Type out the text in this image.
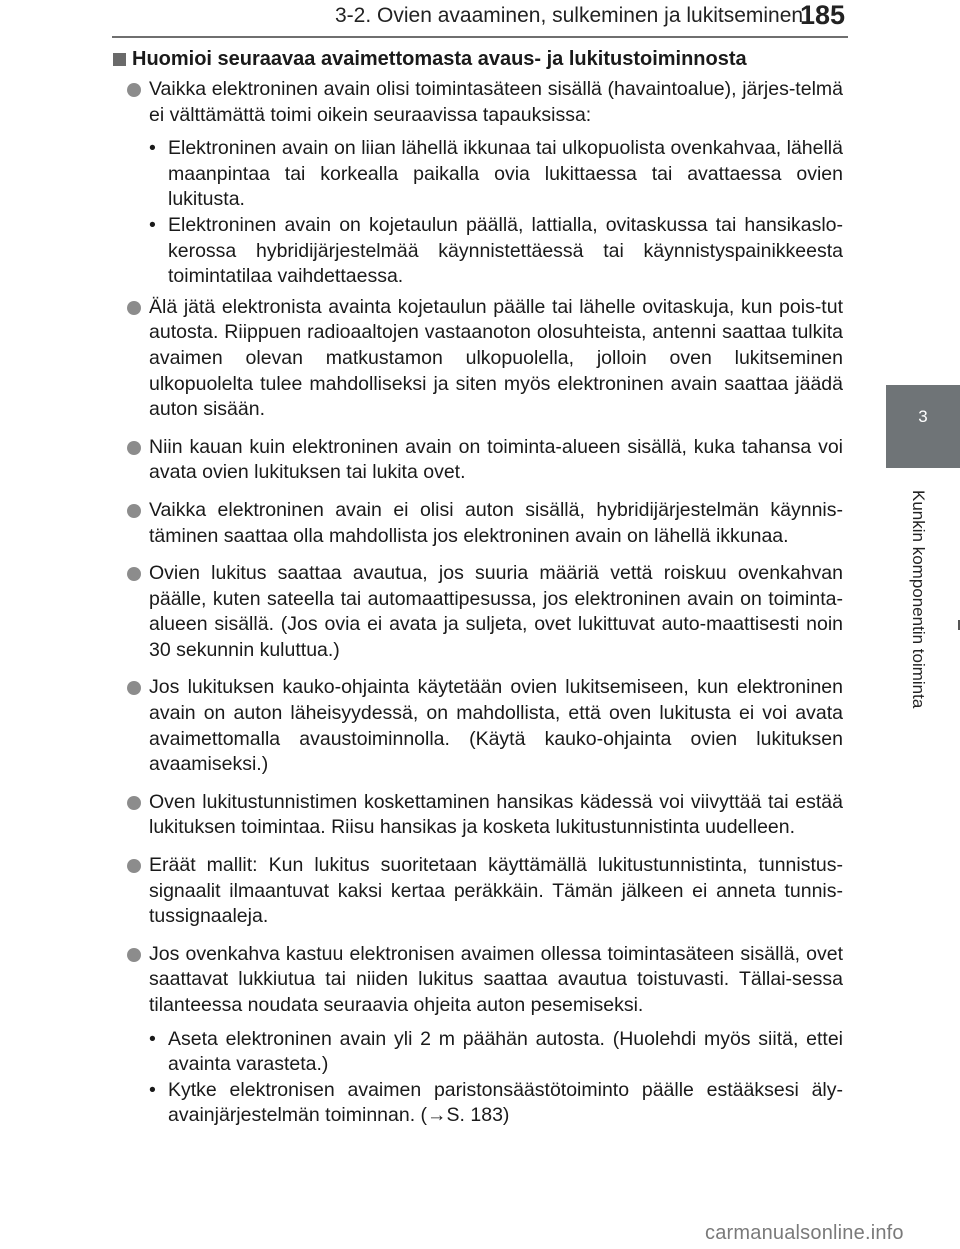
3-2. Ovien avaaminen, sulkeminen ja lukitseminen
185
3
Kunkin komponentin toiminta
Huomioi seuraavaa avaimettomasta avaus- ja lukitustoiminnosta
Vaikka elektroninen avain olisi toimintasäteen sisällä (havaintoalue), järjes-telmä ei välttämättä toimi oikein seuraavissa tapauksissa:
• Elektroninen avain on liian lähellä ikkunaa tai ulkopuolista ovenkahvaa, lähellä maanpintaa tai korkealla paikalla ovia lukittaessa tai avattaessa ovien lukitusta.
• Elektroninen avain on kojetaulun päällä, lattialla, ovitaskussa tai hansikaslo-kerossa hybridijärjestelmää käynnistettäessä tai käynnistyspainikkeesta toimintatilaa vaihdettaessa.
Älä jätä elektronista avainta kojetaulun päälle tai lähelle ovitaskuja, kun pois-tut autosta. Riippuen radioaaltojen vastaanoton olosuhteista, antenni saattaa tulkita avaimen olevan matkustamon ulkopuolella, jolloin oven lukitseminen ulkopuolelta tulee mahdolliseksi ja siten myös elektroninen avain saattaa jäädä auton sisään.
Niin kauan kuin elektroninen avain on toiminta-alueen sisällä, kuka tahansa voi avata ovien lukituksen tai lukita ovet.
Vaikka elektroninen avain ei olisi auton sisällä, hybridijärjestelmän käynnis-täminen saattaa olla mahdollista jos elektroninen avain on lähellä ikkunaa.
Ovien lukitus saattaa avautua, jos suuria määriä vettä roiskuu ovenkahvan päälle, kuten sateella tai automaattipesussa, jos elektroninen avain on toiminta-alueen sisällä. (Jos ovia ei avata ja suljeta, ovet lukittuvat auto-maattisesti noin 30 sekunnin kuluttua.)
Jos lukituksen kauko-ohjainta käytetään ovien lukitsemiseen, kun elektroninen avain on auton läheisyydessä, on mahdollista, että oven lukitusta ei voi avata avaimettomalla avaustoiminnolla. (Käytä kauko-ohjainta ovien lukituksen avaamiseksi.)
Oven lukitustunnistimen koskettaminen hansikas kädessä voi viivyttää tai estää lukituksen toimintaa. Riisu hansikas ja kosketa lukitustunnistinta uudelleen.
Eräät mallit: Kun lukitus suoritetaan käyttämällä lukitustunnistinta, tunnistus-signaalit ilmaantuvat kaksi kertaa peräkkäin. Tämän jälkeen ei anneta tunnis-tussignaaleja.
Jos ovenkahva kastuu elektronisen avaimen ollessa toimintasäteen sisällä, ovet saattavat lukkiutua tai niiden lukitus saattaa avautua toistuvasti. Tällai-sessa tilanteessa noudata seuraavia ohjeita auton pesemiseksi.
• Aseta elektroninen avain yli 2 m päähän autosta. (Huolehdi myös siitä, ettei avainta varasteta.)
• Kytke elektronisen avaimen paristonsäästötoiminto päälle estääksesi äly-avainjärjestelmän toiminnan. (→S. 183)
carmanualsonline.info
